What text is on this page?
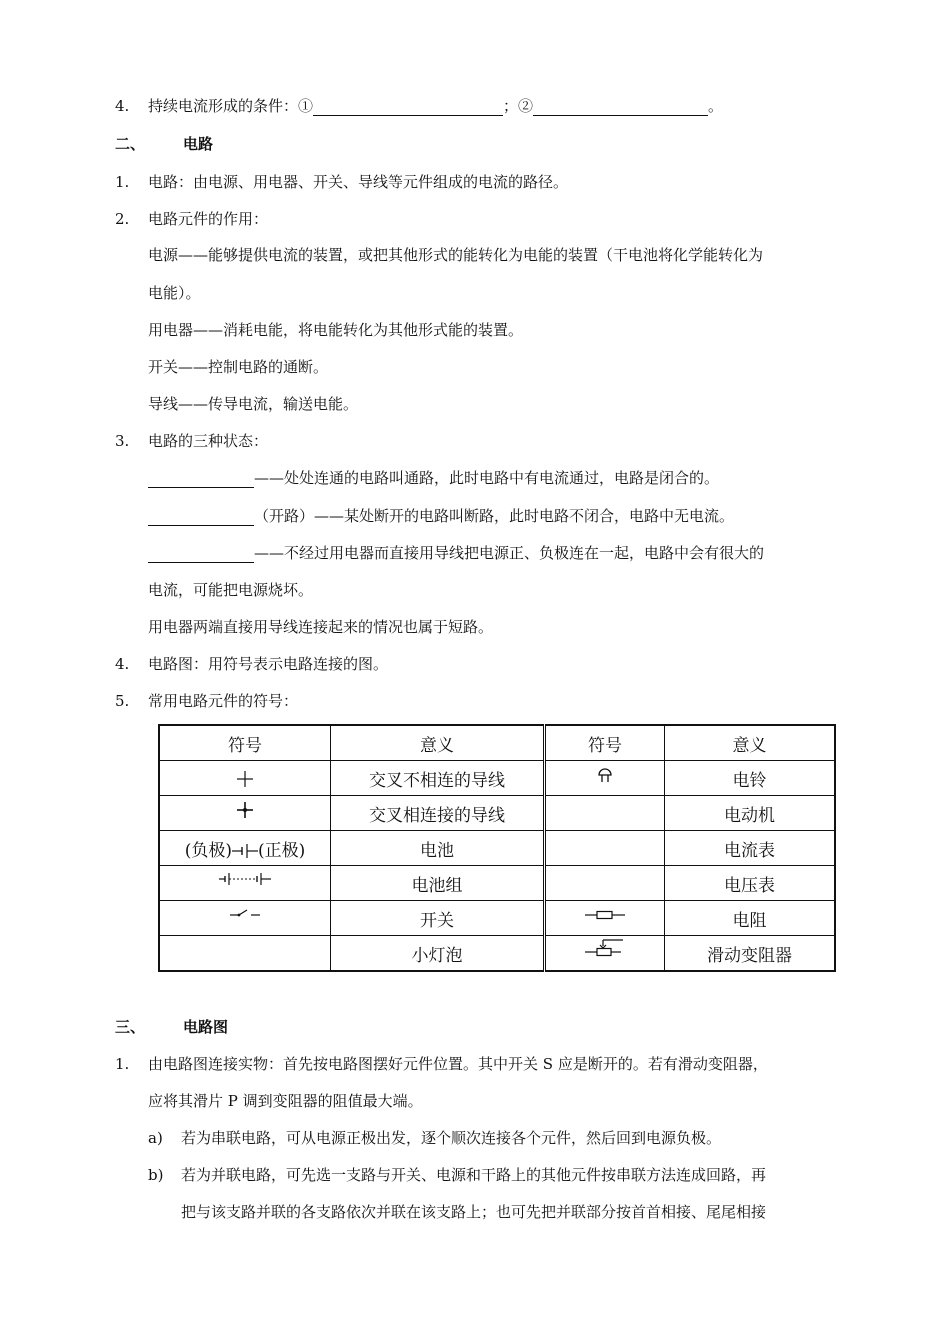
4. 持续电流形成的条件：①	；②	。
二、	电路
1. 电路：由电源、用电器、开关、导线等元件组成的电流的路径。
2. 电路元件的作用：
电源——能够提供电流的装置，或把其他形式的能转化为电能的装置（干电池将化学能转化为
电能）。
用电器——消耗电能，将电能转化为其他形式能的装置。
开关——控制电路的通断。
导线——传导电流，输送电能。
3. 电路的三种状态：
——处处连通的电路叫通路，此时电路中有电流通过，电路是闭合的。
（开路）——某处断开的电路叫断路，此时电路不闭合，电路中无电流。
——不经过用电器而直接用导线把电源正、负极连在一起，电路中会有很大的
电流，可能把电源烧坏。
用电器两端直接用导线连接起来的情况也属于短路。
4. 电路图：用符号表示电路连接的图。
5. 常用电路元件的符号：
符号	意义	符号	意义
	交叉不相连的导线		电铃
	交叉相连接的导线		电动机
(负极) (正极)	电池		电流表
	电池组		电压表
	开关		电阻
	小灯泡		滑动变阻器
三、	电路图
1. 由电路图连接实物：首先按电路图摆好元件位置。其中开关 S 应是断开的。若有滑动变阻器，
应将其滑片 P 调到变阻器的阻值最大端。
a) 若为串联电路，可从电源正极出发，逐个顺次连接各个元件，然后回到电源负极。
b) 若为并联电路，可先选一支路与开关、电源和干路上的其他元件按串联方法连成回路，再
把与该支路并联的各支路依次并联在该支路上；也可先把并联部分按首首相接、尾尾相接
